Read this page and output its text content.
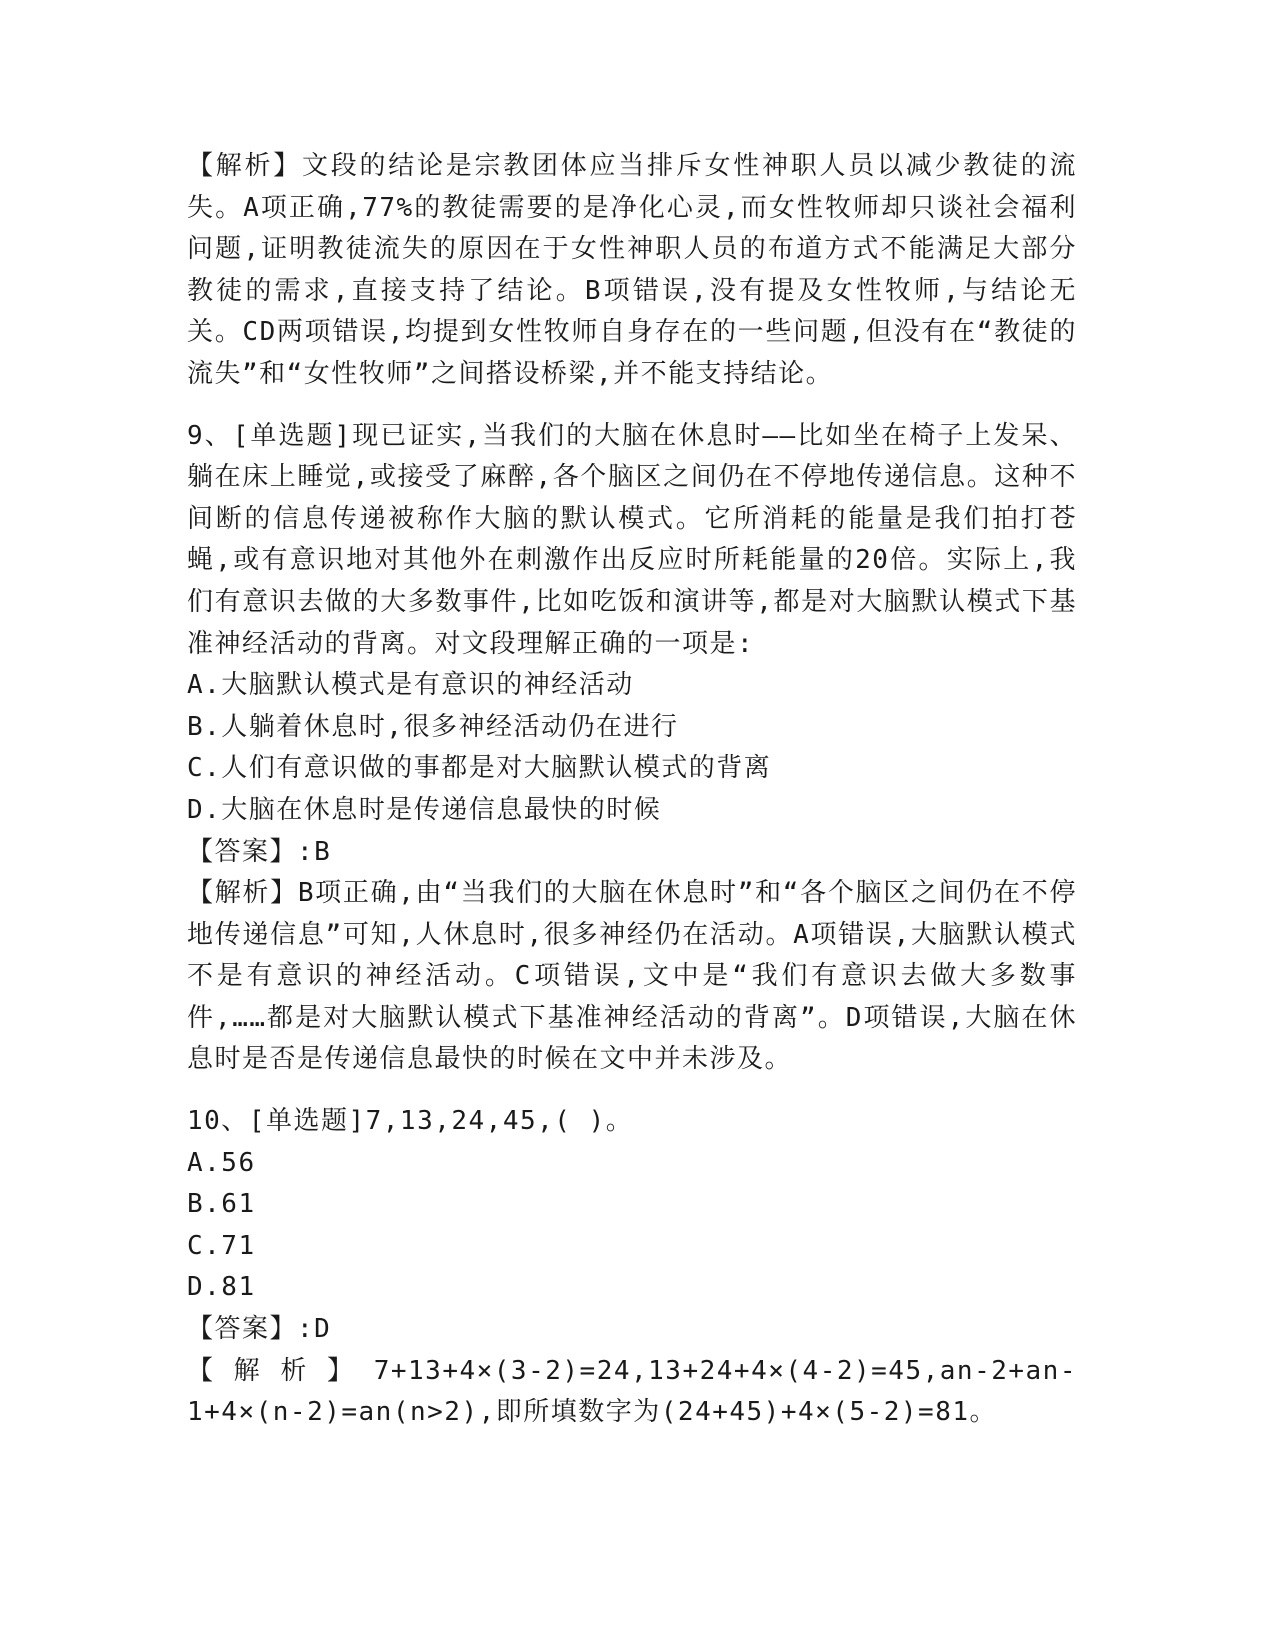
【解析】文段的结论是宗教团体应当排斥女性神职人员以减少教徒的流失。A项正确,77%的教徒需要的是净化心灵,而女性牧师却只谈社会福利问题,证明教徒流失的原因在于女性神职人员的布道方式不能满足大部分教徒的需求,直接支持了结论。B项错误,没有提及女性牧师,与结论无关。CD两项错误,均提到女性牧师自身存在的一些问题,但没有在“教徒的流失”和“女性牧师”之间搭设桥梁,并不能支持结论。

9、[单选题]现已证实,当我们的大脑在休息时——比如坐在椅子上发呆、躺在床上睡觉,或接受了麻醉,各个脑区之间仍在不停地传递信息。这种不间断的信息传递被称作大脑的默认模式。它所消耗的能量是我们拍打苍蝇,或有意识地对其他外在刺激作出反应时所耗能量的20倍。实际上,我们有意识去做的大多数事件,比如吃饭和演讲等,都是对大脑默认模式下基准神经活动的背离。对文段理解正确的一项是:

A.大脑默认模式是有意识的神经活动

B.人躺着休息时,很多神经活动仍在进行

C.人们有意识做的事都是对大脑默认模式的背离

D.大脑在休息时是传递信息最快的时候

【答案】:B

【解析】B项正确,由“当我们的大脑在休息时”和“各个脑区之间仍在不停地传递信息”可知,人休息时,很多神经仍在活动。A项错误,大脑默认模式不是有意识的神经活动。C项错误,文中是“我们有意识去做大多数事件,……都是对大脑默认模式下基准神经活动的背离”。D项错误,大脑在休息时是否是传递信息最快的时候在文中并未涉及。

10、[单选题]7,13,24,45,( )。

A.56

B.61

C.71

D.81

【答案】:D

【解析】7+13+4×(3-2)=24,13+24+4×(4-2)=45,an-2+an-1+4×(n-2)=an(n>2),即所填数字为(24+45)+4×(5-2)=81。
